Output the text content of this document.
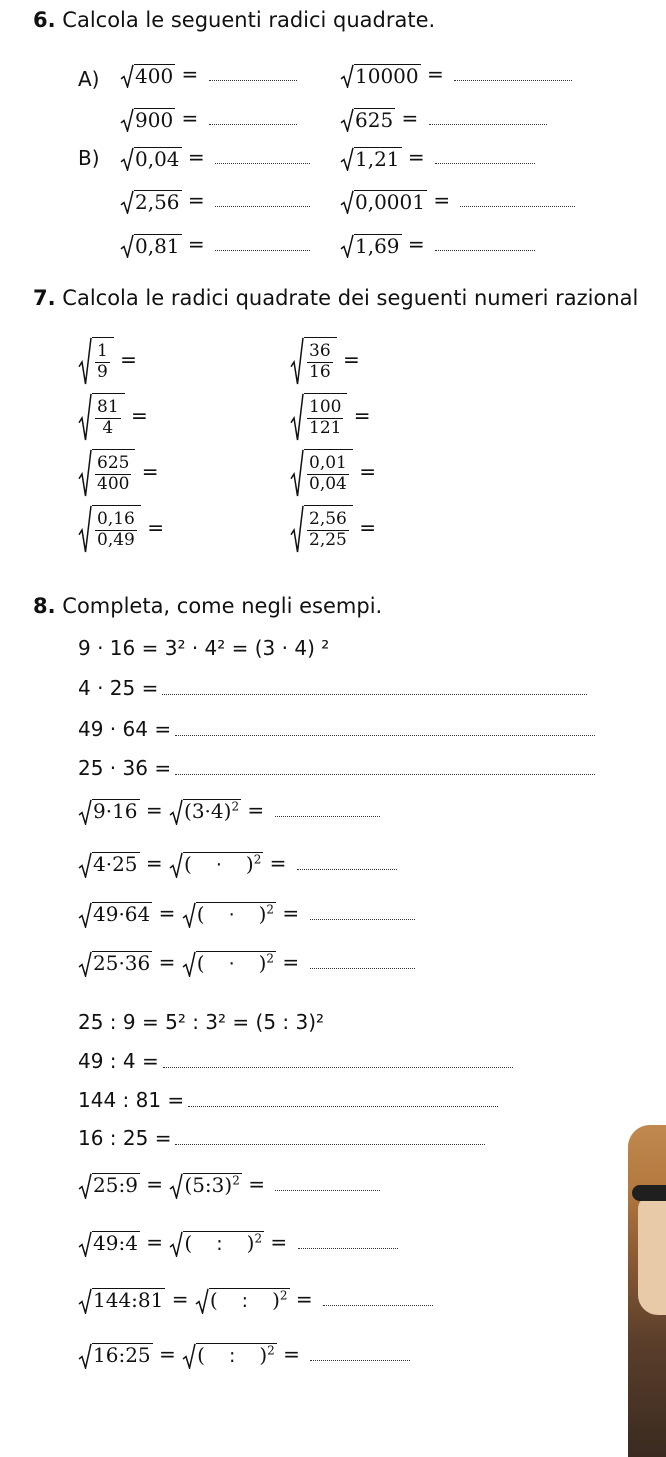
6. Calcola le seguenti radici quadrate.
A)
B)
400 =	10000 =
900 =	625 =
0,04 =	1,21 =
2,56 =	0,0001 =
0,81 =	1,69 =
7. Calcola le radici quadrate dei seguenti numeri razional
$\frac{1}{9}$ =	$\frac{36}{16}$ =
$\frac{81}{4}$ =	$\frac{100}{121}$ =
$\frac{625}{400}$ =	$\frac{0,01}{0,04}$ =
$\frac{0,16}{0,49}$ =	$\frac{2,56}{2,25}$ =
8. Completa, come negli esempi.
9 · 16 = 3² · 4² = (3 · 4) ²
4 · 25 =
49 · 64 =
25 · 36 =
$9\cdot 16 = (3\cdot 4)^2$ =
4·25 = ( · )$^2$ =
49·64 = ( · )$^2$ =
25·36 = ( · )$^2$ =
25 : 9 = 5² : 3² = (5 : 3)²
49 : 4 =
144 : 81 =
16 : 25 =
25:9 = (5:3)$^2$ =
49:4 = ( : )$^2$ =
144:81 = ( : )$^2$ =
16:25 = ( : )$^2$ =
